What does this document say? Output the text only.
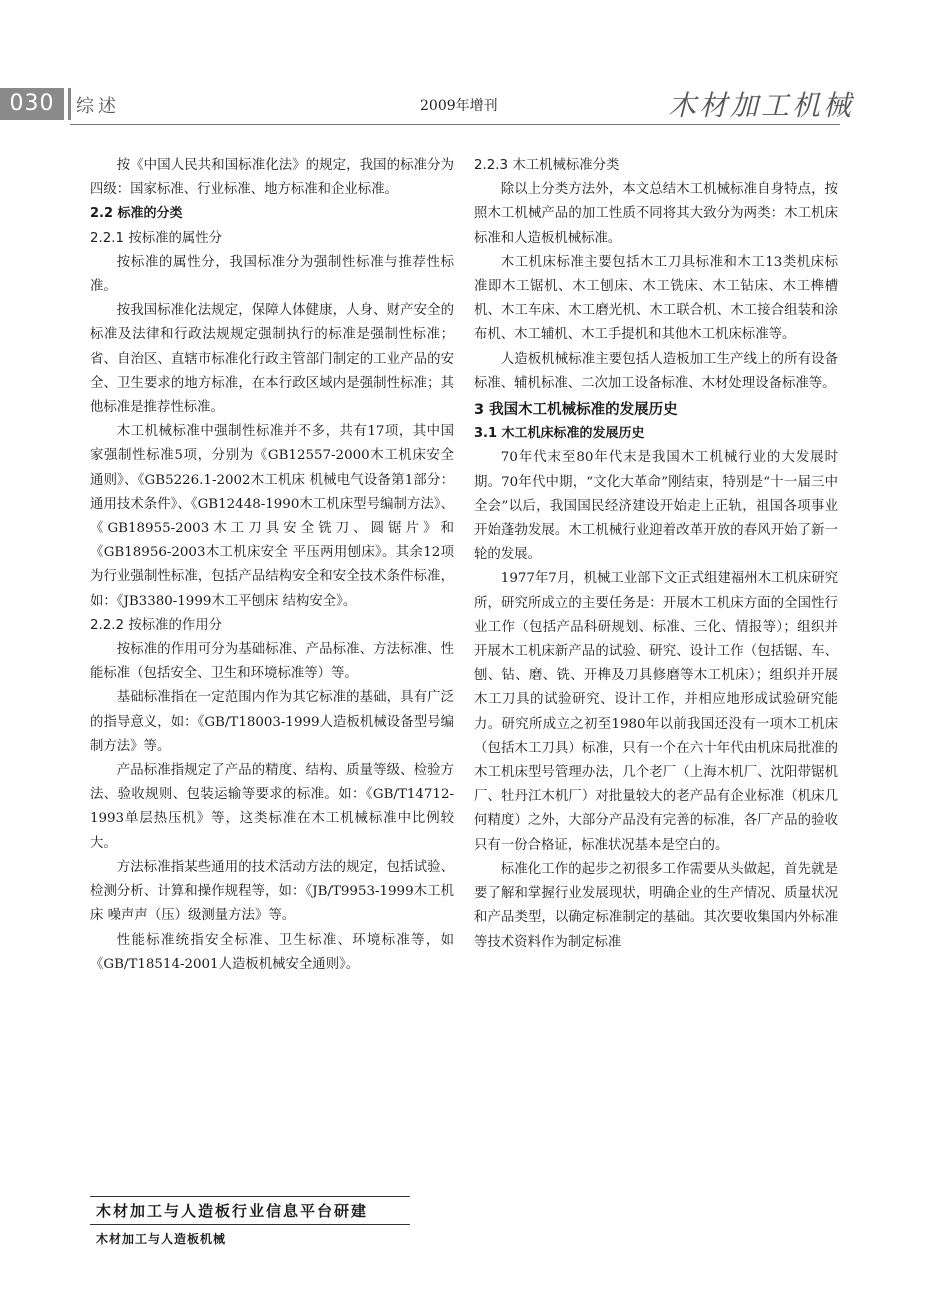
030	综述	2009年增刊	木材加工机械

按《中国人民共和国标准化法》的规定，我国的标准分为四级：国家标准、行业标准、地方标准和企业标准。

2.2 标准的分类

2.2.1 按标准的属性分

按标准的属性分，我国标准分为强制性标准与推荐性标准。

按我国标准化法规定，保障人体健康，人身、财产安全的标准及法律和行政法规规定强制执行的标准是强制性标准；省、自治区、直辖市标准化行政主管部门制定的工业产品的安全、卫生要求的地方标准，在本行政区域内是强制性标准；其他标准是推荐性标准。

木工机械标准中强制性标准并不多，共有17项，其中国家强制性标准5项，分别为《GB12557-2000木工机床安全通则》、《GB5226.1-2002木工机床 机械电气设备第1部分：通用技术条件》、《GB12448-1990木工机床型号编制方法》、《GB18955-2003木工刀具安全铣刀、圆锯片》和《GB18956-2003木工机床安全 平压两用刨床》。其余12项为行业强制性标准，包括产品结构安全和安全技术条件标准，如：《JB3380-1999木工平刨床 结构安全》。

2.2.2 按标准的作用分

按标准的作用可分为基础标准、产品标准、方法标准、性能标准（包括安全、卫生和环境标准等）等。

基础标准指在一定范围内作为其它标准的基础，具有广泛的指导意义，如：《GB/T18003-1999人造板机械设备型号编制方法》等。

产品标准指规定了产品的精度、结构、质量等级、检验方法、验收规则、包装运输等要求的标准。如：《GB/T14712-1993单层热压机》等，这类标准在木工机械标准中比例较大。

方法标准指某些通用的技术活动方法的规定，包括试验、检测分析、计算和操作规程等，如：《JB/T9953-1999木工机床 噪声声（压）级测量方法》等。

性能标准统指安全标准、卫生标准、环境标准等，如《GB/T18514-2001人造板机械安全通则》。

2.2.3 木工机械标准分类

除以上分类方法外，本文总结木工机械标准自身特点，按照木工机械产品的加工性质不同将其大致分为两类：木工机床标准和人造板机械标准。

木工机床标准主要包括木工刀具标准和木工13类机床标准即木工锯机、木工刨床、木工铣床、木工钻床、木工榫槽机、木工车床、木工磨光机、木工联合机、木工接合组装和涂布机、木工辅机、木工手提机和其他木工机床标准等。

人造板机械标准主要包括人造板加工生产线上的所有设备标准、辅机标准、二次加工设备标准、木材处理设备标准等。

3 我国木工机械标准的发展历史

3.1 木工机床标准的发展历史

70年代末至80年代末是我国木工机械行业的大发展时期。70年代中期，“文化大革命”刚结束，特别是“十一届三中全会”以后，我国国民经济建设开始走上正轨，祖国各项事业开始蓬勃发展。木工机械行业迎着改革开放的春风开始了新一轮的发展。

1977年7月，机械工业部下文正式组建福州木工机床研究所，研究所成立的主要任务是：开展木工机床方面的全国性行业工作（包括产品科研规划、标准、三化、情报等）；组织并开展木工机床新产品的试验、研究、设计工作（包括锯、车、刨、钻、磨、铣、开榫及刀具修磨等木工机床）；组织并开展木工刀具的试验研究、设计工作，并相应地形成试验研究能力。研究所成立之初至1980年以前我国还没有一项木工机床（包括木工刀具）标准，只有一个在六十年代由机床局批准的木工机床型号管理办法，几个老厂（上海木机厂、沈阳带锯机厂、牡丹江木机厂）对批量较大的老产品有企业标准（机床几何精度）之外，大部分产品没有完善的标准，各厂产品的验收只有一份合格证，标准状况基本是空白的。

标准化工作的起步之初很多工作需要从头做起，首先就是要了解和掌握行业发展现状，明确企业的生产情况、质量状况和产品类型，以确定标准制定的基础。其次要收集国内外标准等技术资料作为制定标准

木材加工与人造板行业信息平台研建
木材加工与人造板机械
